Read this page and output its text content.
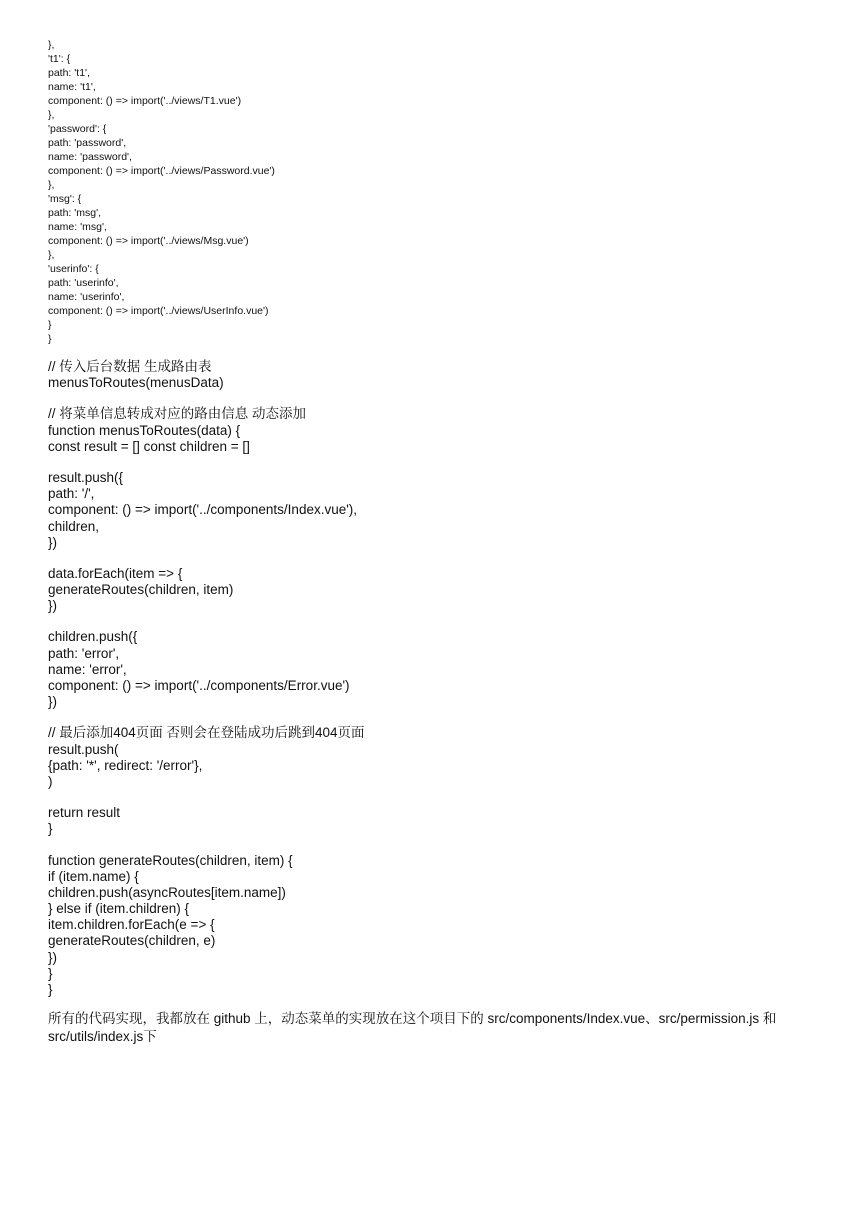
},
't1': {
path: 't1',
name: 't1',
component: () => import('../views/T1.vue')
},
'password': {
path: 'password',
name: 'password',
component: () => import('../views/Password.vue')
},
'msg': {
path: 'msg',
name: 'msg',
component: () => import('../views/Msg.vue')
},
'userinfo': {
path: 'userinfo',
name: 'userinfo',
component: () => import('../views/UserInfo.vue')
}
}
// 传入后台数据 生成路由表
menusToRoutes(menusData)
// 将菜单信息转成对应的路由信息 动态添加
function menusToRoutes(data) {
const result = [] const children = []
result.push({
path: '/',
component: () => import('../components/Index.vue'),
children,
})
data.forEach(item => {
generateRoutes(children, item)
})
children.push({
path: 'error',
name: 'error',
component: () => import('../components/Error.vue')
})
// 最后添加404页面 否则会在登陆成功后跳到404页面
result.push(
{path: '*', redirect: '/error'},
)
return result
}
function generateRoutes(children, item) {
if (item.name) {
children.push(asyncRoutes[item.name])
} else if (item.children) {
item.children.forEach(e => {
generateRoutes(children, e)
})
}
}
所有的代码实现，我都放在 github 上，动态菜单的实现放在这个项目下的 src/components/Index.vue、src/permission.js 和 src/utils/index.js下
